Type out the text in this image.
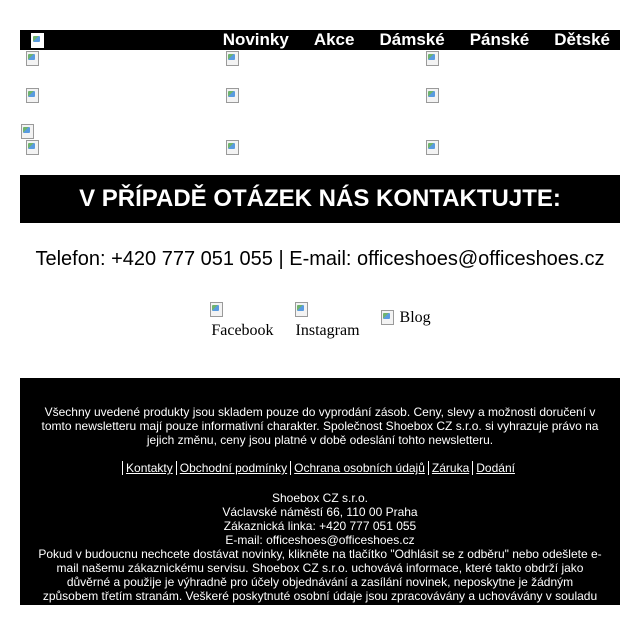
Novinky Akce Dámské Pánské Dětské
V PŘÍPADĚ OTÁZEK NÁS KONTAKTUJTE:
Telefon: +420 777 051 055 | E-mail: officeshoes@officeshoes.cz
Facebook
Instagram
Blog

Všechny uvedené produkty jsou skladem pouze do vyprodání zásob. Ceny, slevy a možnosti doručení v tomto newsletteru mají pouze informativní charakter. Společnost Shoebox CZ s.r.o. si vyhrazuje právo na jejich změnu, ceny jsou platné v době odeslání tohto newsletteru.

Kontakty Obchodní podmínky Ochrana osobních údajů Záruka Dodání

Shoebox CZ s.r.o.

Václavské náměstí 66, 110 00 Praha

Zákaznická linka: +420 777 051 055

E-mail: officeshoes@officeshoes.cz

Pokud v budoucnu nechcete dostávat novinky, klikněte na tlačítko "Odhlásit se z odběru" nebo odešlete e-mail našemu zákaznickému servisu. Shoebox CZ s.r.o. uchovává informace, které takto obdrží jako důvěrné a použije je výhradně pro účely objednávání a zasílání novinek, neposkytne je žádným způsobem třetím stranám. Veškeré poskytnuté osobní údaje jsou zpracovávány a uchovávány v souladu se zák. č. 110/2019
